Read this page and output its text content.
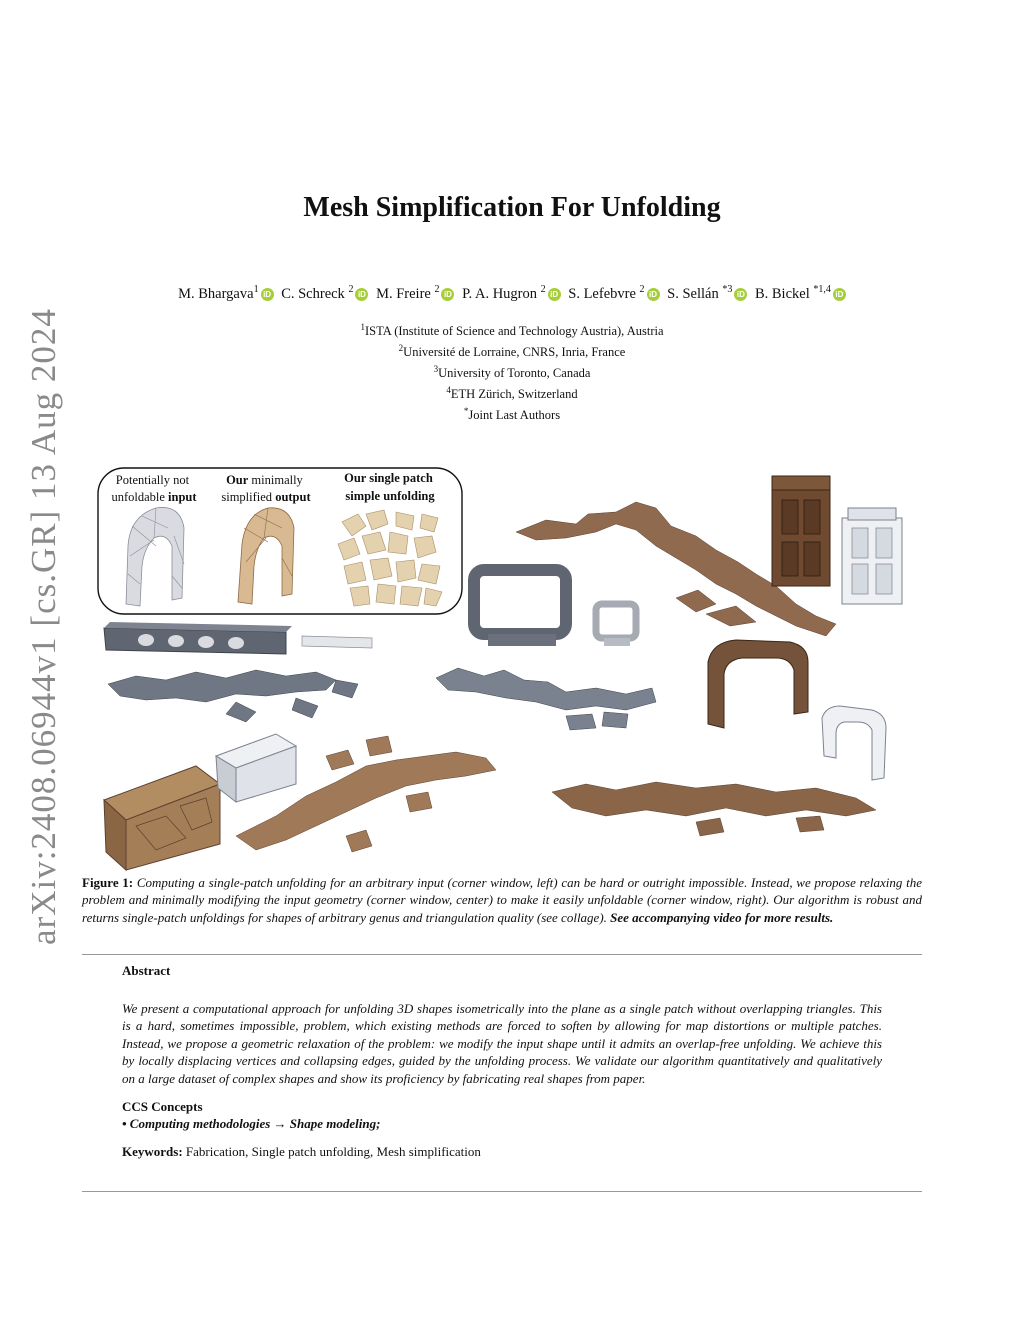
arXiv:2408.06944v1 [cs.GR] 13 Aug 2024
Mesh Simplification For Unfolding
M. Bhargava$^1$ iD C. Schreck $^2$ iD M. Freire $^2$ iD P. A. Hugron $^2$ iD S. Lefebvre $^2$ iD S. Sellán $^{*3}$ iD B. Bickel $^{*1,4}$ iD
$^1$ISTA (Institute of Science and Technology Austria), Austria
$^2$Université de Lorraine, CNRS, Inria, France
$^3$University of Toronto, Canada
$^4$ETH Zürich, Switzerland
*Joint Last Authors
Potentially not unfoldable input
Our minimally simplified output
Our single patch simple unfolding
Figure 1: Computing a single-patch unfolding for an arbitrary input (corner window, left) can be hard or outright impossible. Instead, we propose relaxing the problem and minimally modifying the input geometry (corner window, center) to make it easily unfoldable (corner window, right). Our algorithm is robust and returns single-patch unfoldings for shapes of arbitrary genus and triangulation quality (see collage). See accompanying video for more results.
Abstract
We present a computational approach for unfolding 3D shapes isometrically into the plane as a single patch without overlapping triangles. This is a hard, sometimes impossible, problem, which existing methods are forced to soften by allowing for map distortions or multiple patches. Instead, we propose a geometric relaxation of the problem: we modify the input shape until it admits an overlap-free unfolding. We achieve this by locally displacing vertices and collapsing edges, guided by the unfolding process. We validate our algorithm quantitatively and qualitatively on a large dataset of complex shapes and show its proficiency by fabricating real shapes from paper.
CCS Concepts
• Computing methodologies → Shape modeling;
Keywords: Fabrication, Single patch unfolding, Mesh simplification
